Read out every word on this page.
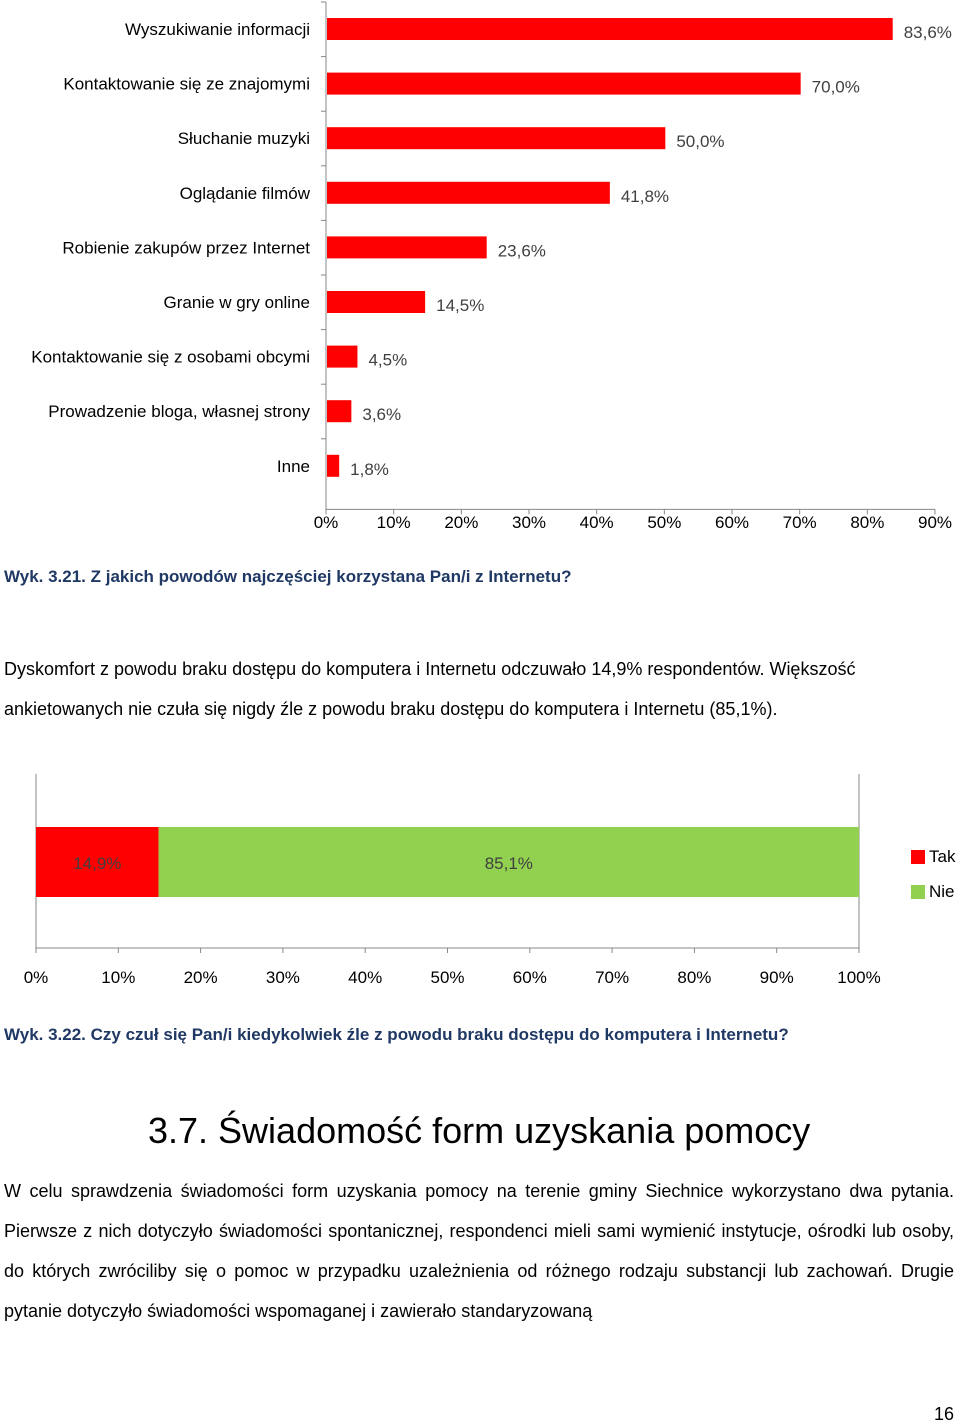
Wyszukiwanie informacji	83,6%
Kontaktowanie się ze znajomymi	70,0%
Słuchanie muzyki	50,0%
Oglądanie filmów	41,8%
Robienie zakupów przez Internet	23,6%
Granie w gry online	14,5%
Kontaktowanie się z osobami obcymi	4,5%
Prowadzenie bloga, własnej strony	3,6%
Inne 1,8%
0% 10% 20% 30% 40% 50% 60% 70% 80% 90%
Wyk. 3.21. Z jakich powodów najczęściej korzystana Pan/i z Internetu?

Dyskomfort z powodu braku dostępu do komputera i Internetu odczuwało 14,9% respondentów. Większość ankietowanych nie czuła się nigdy źle z powodu braku dostępu do komputera i Internetu (85,1%).

14,9%	85,1%
0%	10%	20%	30%	40%	50%	60%	70%	80%	90%	100%
Tak
Nie
Wyk. 3.22. Czy czuł się Pan/i kiedykolwiek źle z powodu braku dostępu do komputera i Internetu?
3.7. Świadomość form uzyskania pomocy

W celu sprawdzenia świadomości form uzyskania pomocy na terenie gminy Siechnice wykorzystano dwa pytania. Pierwsze z nich dotyczyło świadomości spontanicznej, respondenci mieli sami wymienić instytucje, ośrodki lub osoby, do których zwróciliby się o pomoc w przypadku uzależnienia od różnego rodzaju substancji lub zachowań. Drugie pytanie dotyczyło świadomości wspomaganej i zawierało standaryzowaną

16
